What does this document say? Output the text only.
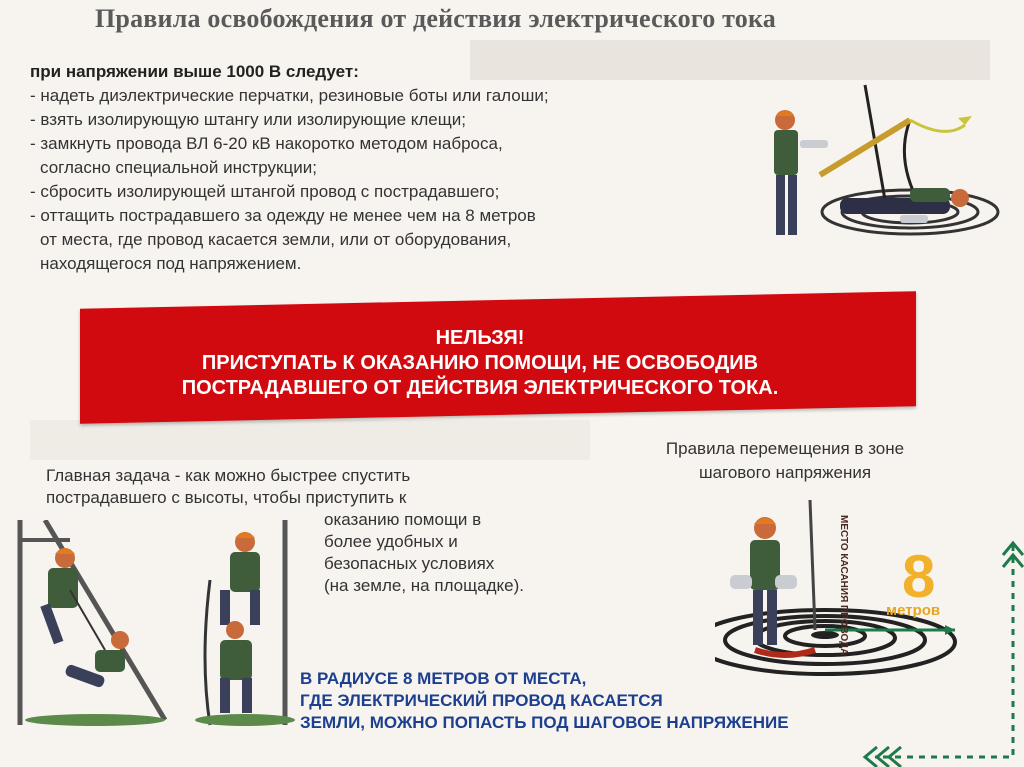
Правила освобождения от действия электрического тока
при напряжении выше 1000 В следует:
- надеть диэлектрические перчатки, резиновые боты или галоши;
- взять изолирующую штангу или изолирующие клещи;
- замкнуть провода ВЛ 6-20 кВ накоротко методом наброса, согласно специальной инструкции;
- сбросить изолирующей штангой провод с пострадавшего;
- оттащить пострадавшего за одежду не менее чем на 8 метров от места, где провод касается земли, или от оборудования, находящегося под напряжением.
НЕЛЬЗЯ!
ПРИСТУПАТЬ К ОКАЗАНИЮ ПОМОЩИ, НЕ ОСВОБОДИВ
ПОСТРАДАВШЕГО ОТ ДЕЙСТВИЯ ЭЛЕКТРИЧЕСКОГО ТОКА.
Правила перемещения в зоне
шагового напряжения
Главная задача - как можно быстрее спустить
пострадавшего с высоты, чтобы приступить к
оказанию помощи в
более удобных и
безопасных условиях
(на земле, на площадке).	МЕСТО КАСАНИЯ ПРОВОДА 8
метров
В РАДИУСЕ 8 МЕТРОВ ОТ МЕСТА,
ГДЕ ЭЛЕКТРИЧЕСКИЙ ПРОВОД КАСАЕТСЯ
ЗЕМЛИ, МОЖНО ПОПАСТЬ ПОД ШАГОВОЕ НАПРЯЖЕНИЕ
